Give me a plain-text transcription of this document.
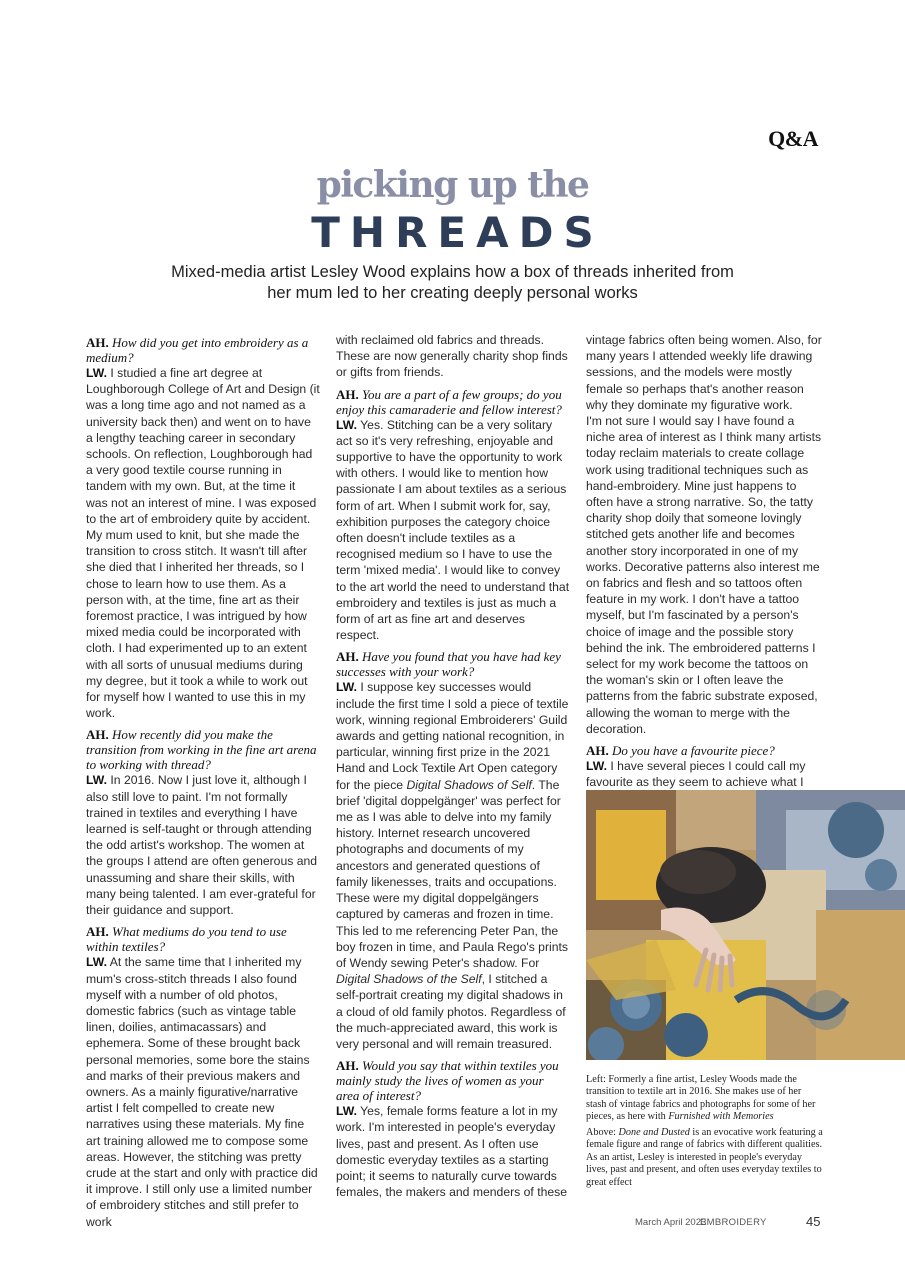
Q&A
picking up the
THREADS
Mixed-media artist Lesley Wood explains how a box of threads inherited from her mum led to her creating deeply personal works
AH. How did you get into embroidery as a medium?
LW. I studied a fine art degree at Loughborough College of Art and Design (it was a long time ago and not named as a university back then) and went on to have a lengthy teaching career in secondary schools. On reflection, Loughborough had a very good textile course running in tandem with my own. But, at the time it was not an interest of mine. I was exposed to the art of embroidery quite by accident. My mum used to knit, but she made the transition to cross stitch. It wasn't till after she died that I inherited her threads, so I chose to learn how to use them. As a person with, at the time, fine art as their foremost practice, I was intrigued by how mixed media could be incorporated with cloth. I had experimented up to an extent with all sorts of unusual mediums during my degree, but it took a while to work out for myself how I wanted to use this in my work.
AH. How recently did you make the transition from working in the fine art arena to working with thread?
LW. In 2016. Now I just love it, although I also still love to paint. I'm not formally trained in textiles and everything I have learned is self-taught or through attending the odd artist's workshop. The women at the groups I attend are often generous and unassuming and share their skills, with many being talented. I am ever-grateful for their guidance and support.
AH. What mediums do you tend to use within textiles?
LW. At the same time that I inherited my mum's cross-stitch threads I also found myself with a number of old photos, domestic fabrics (such as vintage table linen, doilies, antimacassars) and ephemera. Some of these brought back personal memories, some bore the stains and marks of their previous makers and owners. As a mainly figurative/narrative artist I felt compelled to create new narratives using these materials. My fine art training allowed me to compose some areas. However, the stitching was pretty crude at the start and only with practice did it improve. I still only use a limited number of embroidery stitches and still prefer to work
with reclaimed old fabrics and threads. These are now generally charity shop finds or gifts from friends.
AH. You are a part of a few groups; do you enjoy this camaraderie and fellow interest?
LW. Yes. Stitching can be a very solitary act so it's very refreshing, enjoyable and supportive to have the opportunity to work with others. I would like to mention how passionate I am about textiles as a serious form of art. When I submit work for, say, exhibition purposes the category choice often doesn't include textiles as a recognised medium so I have to use the term 'mixed media'. I would like to convey to the art world the need to understand that embroidery and textiles is just as much a form of art as fine art and deserves respect.
AH. Have you found that you have had key successes with your work?
LW. I suppose key successes would include the first time I sold a piece of textile work, winning regional Embroiderers' Guild awards and getting national recognition, in particular, winning first prize in the 2021 Hand and Lock Textile Art Open category for the piece Digital Shadows of Self. The brief 'digital doppelgänger' was perfect for me as I was able to delve into my family history. Internet research uncovered photographs and documents of my ancestors and generated questions of family likenesses, traits and occupations. These were my digital doppelgängers captured by cameras and frozen in time. This led to me referencing Peter Pan, the boy frozen in time, and Paula Rego's prints of Wendy sewing Peter's shadow. For Digital Shadows of the Self, I stitched a self-portrait creating my digital shadows in a cloud of old family photos. Regardless of the much-appreciated award, this work is very personal and will remain treasured.
AH. Would you say that within textiles you mainly study the lives of women as your area of interest?
LW. Yes, female forms feature a lot in my work. I'm interested in people's everyday lives, past and present. As I often use domestic everyday textiles as a starting point; it seems to naturally curve towards females, the makers and menders of these
vintage fabrics often being women. Also, for many years I attended weekly life drawing sessions, and the models were mostly female so perhaps that's another reason why they dominate my figurative work.
I'm not sure I would say I have found a niche area of interest as I think many artists today reclaim materials to create collage work using traditional techniques such as hand-embroidery. Mine just happens to often have a strong narrative. So, the tatty charity shop doily that someone lovingly stitched gets another life and becomes another story incorporated in one of my works. Decorative patterns also interest me on fabrics and flesh and so tattoos often feature in my work. I don't have a tattoo myself, but I'm fascinated by a person's choice of image and the possible story behind the ink. The embroidered patterns I select for my work become the tattoos on the woman's skin or I often leave the patterns from the fabric substrate exposed, allowing the woman to merge with the decoration.
AH. Do you have a favourite piece?
LW. I have several pieces I could call my favourite as they seem to achieve what I
Left: Formerly a fine artist, Lesley Woods made the transition to textile art in 2016. She makes use of her stash of vintage fabrics and photographs for some of her pieces, as here with Furnished with Memories
Above: Done and Dusted is an evocative work featuring a female figure and range of fabrics with different qualities. As an artist, Lesley is interested in people's everyday lives, past and present, and often uses everyday textiles to great effect
March April 2023
EMBROIDERY	45
